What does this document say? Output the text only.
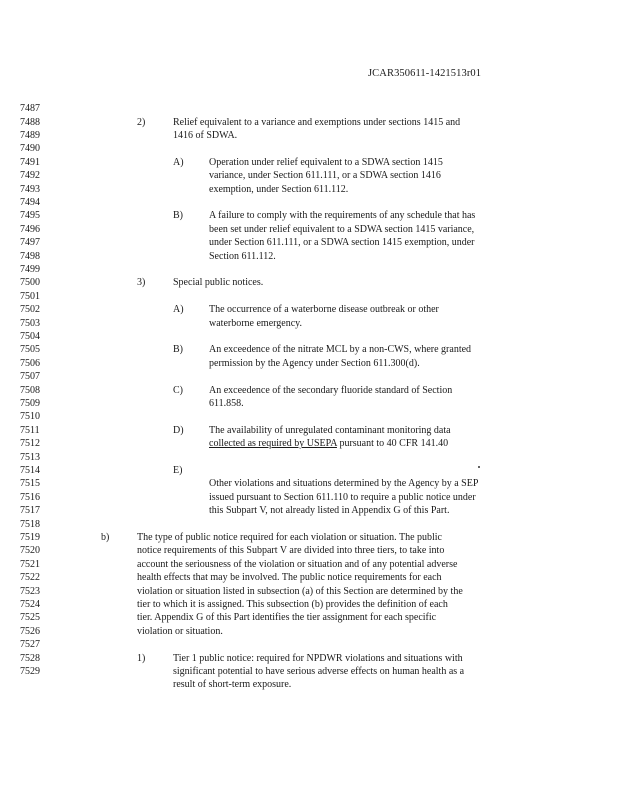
JCAR350611-1421513r01
7487
7488
7489
7490
7491
7492
7493
7494
7495
7496
7497
7498
7499
7500
7501
7502
7503
7504
7505
7506
7507
7508
7509
7510
7511
7512
7513
7514
7515
7516
7517
7518
7519
7520
7521
7522
7523
7524
7525
7526
7527
7528
7529
2)	Relief equivalent to a variance and exemptions under sections 1415 and
1416 of SDWA.
A)	Operation under relief equivalent to a SDWA section 1415
variance, under Section 611.111, or a SDWA section 1416
exemption, under Section 611.112.
B)	A failure to comply with the requirements of any schedule that has
been set under relief equivalent to a SDWA section 1415 variance,
under Section 611.111, or a SDWA section 1415 exemption, under
Section 611.112.
3)	Special public notices.
A)	The occurrence of a waterborne disease outbreak or other
waterborne emergency.
B)	An exceedence of the nitrate MCL by a non-CWS, where granted
permission by the Agency under Section 611.300(d).
C)	An exceedence of the secondary fluoride standard of Section
611.858.
D)	The availability of unregulated contaminant monitoring data
collected as required by USEPA pursuant to 40 CFR 141.40
E)
Other violations and situations determined by the Agency by a SEP
issued pursuant to Section 611.110 to require a public notice under
this Subpart V, not already listed in Appendix G of this Part.
b)	The type of public notice required for each violation or situation. The public
notice requirements of this Subpart V are divided into three tiers, to take into
account the seriousness of the violation or situation and of any potential adverse
health effects that may be involved. The public notice requirements for each
violation or situation listed in subsection (a) of this Section are determined by the
tier to which it is assigned. This subsection (b) provides the definition of each
tier. Appendix G of this Part identifies the tier assignment for each specific
violation or situation.
1)	Tier 1 public notice: required for NPDWR violations and situations with
significant potential to have serious adverse effects on human health as a
result of short-term exposure.
